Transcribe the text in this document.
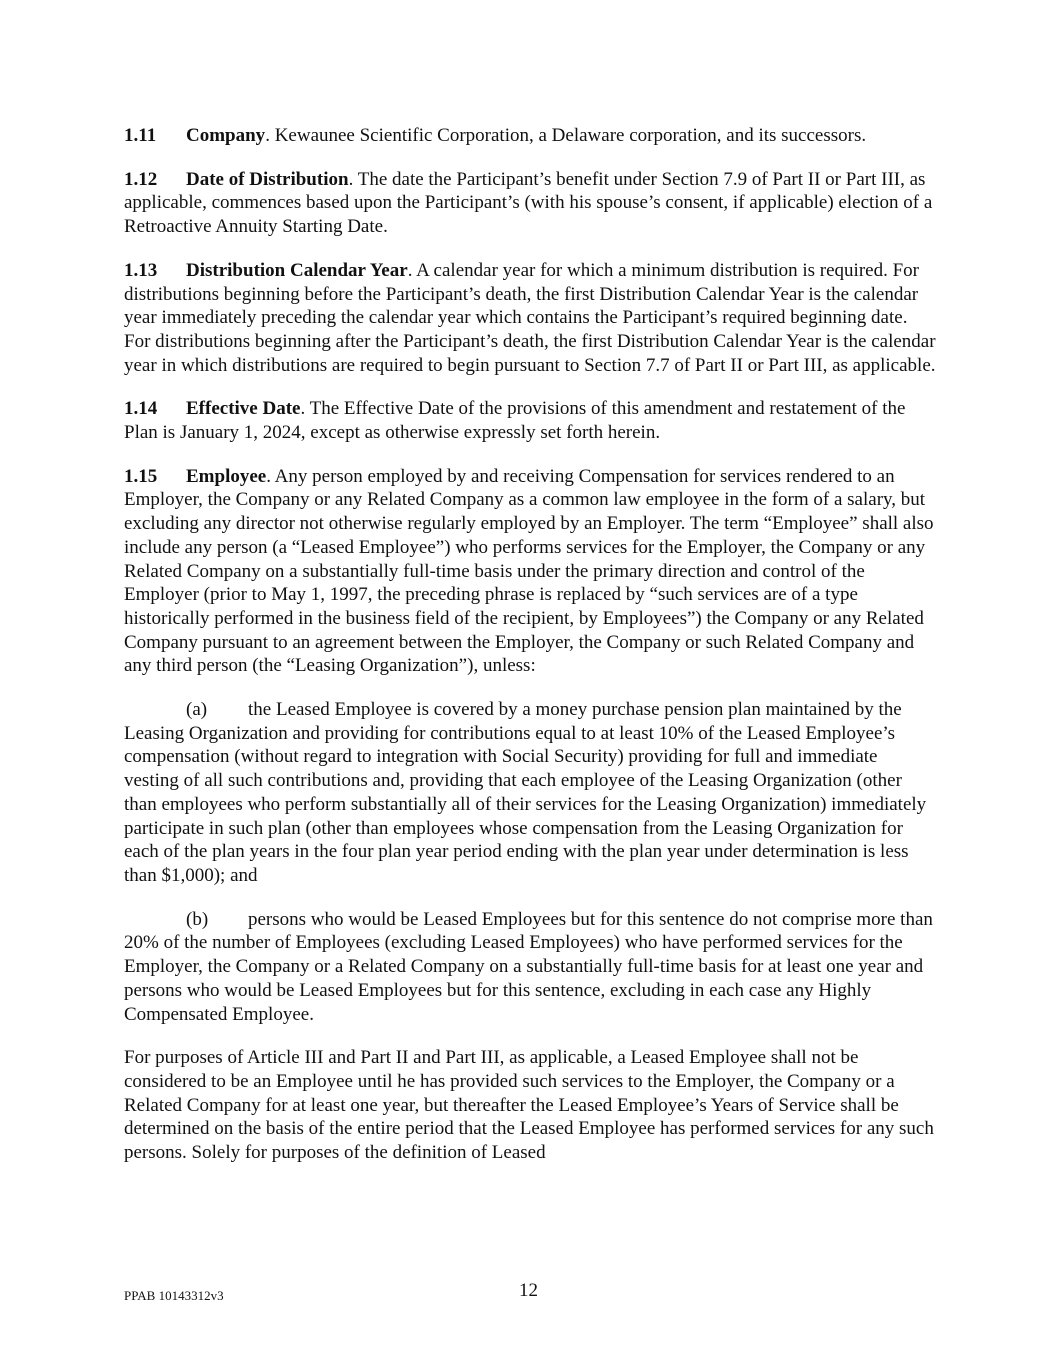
1.11 Company. Kewaunee Scientific Corporation, a Delaware corporation, and its successors.

1.12 Date of Distribution. The date the Participant’s benefit under Section 7.9 of Part II or Part III, as applicable, commences based upon the Participant’s (with his spouse’s consent, if applicable) election of a Retroactive Annuity Starting Date.

1.13 Distribution Calendar Year. A calendar year for which a minimum distribution is required. For distributions beginning before the Participant’s death, the first Distribution Calendar Year is the calendar year immediately preceding the calendar year which contains the Participant’s required beginning date. For distributions beginning after the Participant’s death, the first Distribution Calendar Year is the calendar year in which distributions are required to begin pursuant to Section 7.7 of Part II or Part III, as applicable.

1.14 Effective Date. The Effective Date of the provisions of this amendment and restatement of the Plan is January 1, 2024, except as otherwise expressly set forth herein.

1.15 Employee. Any person employed by and receiving Compensation for services rendered to an Employer, the Company or any Related Company as a common law employee in the form of a salary, but excluding any director not otherwise regularly employed by an Employer. The term “Employee” shall also include any person (a “Leased Employee”) who performs services for the Employer, the Company or any Related Company on a substantially full-time basis under the primary direction and control of the Employer (prior to May 1, 1997, the preceding phrase is replaced by “such services are of a type historically performed in the business field of the recipient, by Employees”) the Company or any Related Company pursuant to an agreement between the Employer, the Company or such Related Company and any third person (the “Leasing Organization”), unless:

(a) the Leased Employee is covered by a money purchase pension plan maintained by the Leasing Organization and providing for contributions equal to at least 10% of the Leased Employee’s compensation (without regard to integration with Social Security) providing for full and immediate vesting of all such contributions and, providing that each employee of the Leasing Organization (other than employees who perform substantially all of their services for the Leasing Organization) immediately participate in such plan (other than employees whose compensation from the Leasing Organization for each of the plan years in the four plan year period ending with the plan year under determination is less than $1,000); and

(b) persons who would be Leased Employees but for this sentence do not comprise more than 20% of the number of Employees (excluding Leased Employees) who have performed services for the Employer, the Company or a Related Company on a substantially full-time basis for at least one year and persons who would be Leased Employees but for this sentence, excluding in each case any Highly Compensated Employee.

For purposes of Article III and Part II and Part III, as applicable, a Leased Employee shall not be considered to be an Employee until he has provided such services to the Employer, the Company or a Related Company for at least one year, but thereafter the Leased Employee’s Years of Service shall be determined on the basis of the entire period that the Leased Employee has performed services for any such persons. Solely for purposes of the definition of Leased

PPAB 10143312v3	12
